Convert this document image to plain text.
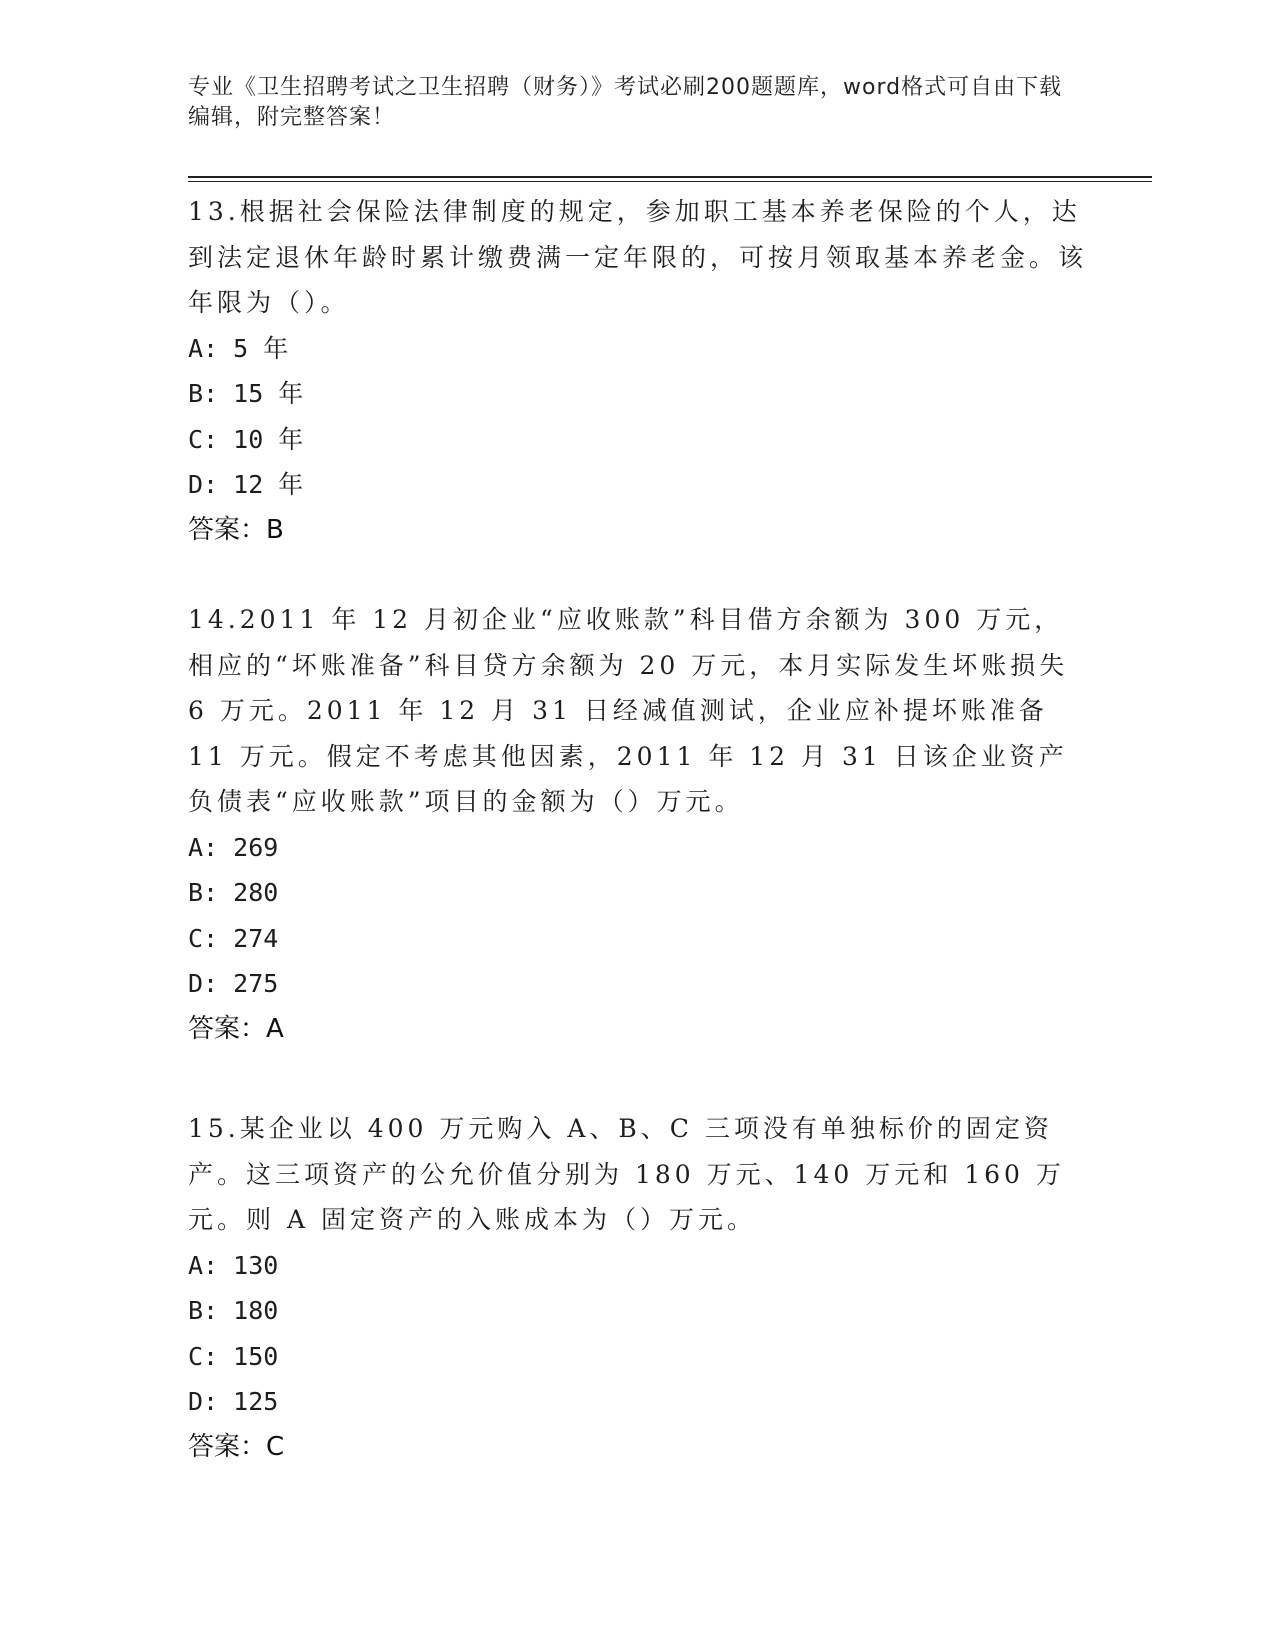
专业《卫生招聘考试之卫生招聘（财务）》考试必刷200题题库，word格式可自由下载编辑，附完整答案！

13.根据社会保险法律制度的规定，参加职工基本养老保险的个人，达到法定退休年龄时累计缴费满一定年限的，可按月领取基本养老金。该年限为（）。

A: 5 年

B: 15 年

C: 10 年

D: 12 年

答案：B

14.2011 年 12 月初企业“应收账款”科目借方余额为 300 万元，相应的“坏账准备”科目贷方余额为 20 万元，本月实际发生坏账损失 6 万元。2011 年 12 月 31 日经减值测试，企业应补提坏账准备 11 万元。假定不考虑其他因素，2011 年 12 月 31 日该企业资产负债表“应收账款”项目的金额为（）万元。

A: 269

B: 280

C: 274

D: 275

答案：A

15.某企业以 400 万元购入 A、B、C 三项没有单独标价的固定资产。这三项资产的公允价值分别为 180 万元、140 万元和 160 万元。则 A 固定资产的入账成本为（）万元。

A: 130

B: 180

C: 150

D: 125

答案：C
